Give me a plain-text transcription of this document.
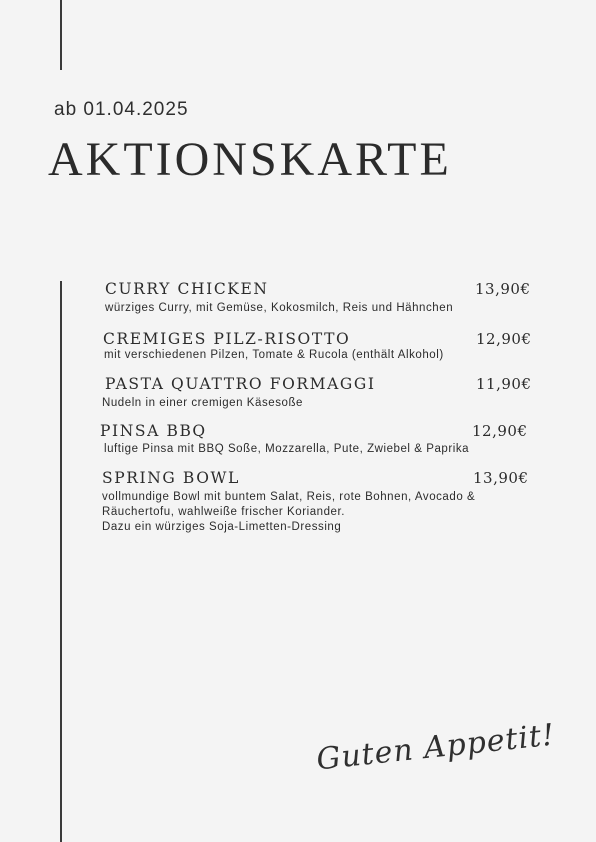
ab 01.04.2025
AKTIONSKARTE
CURRY CHICKEN	13,90€
würziges Curry, mit Gemüse, Kokosmilch, Reis und Hähnchen
CREMIGES PILZ-RISOTTO	12,90€
mit verschiedenen Pilzen, Tomate & Rucola (enthält Alkohol)
PASTA QUATTRO FORMAGGI	11,90€
Nudeln in einer cremigen Käsesoße
PINSA BBQ	12,90€
luftige Pinsa mit BBQ Soße, Mozzarella, Pute, Zwiebel & Paprika
SPRING BOWL	13,90€
vollmundige Bowl mit buntem Salat, Reis, rote Bohnen, Avocado &
Räuchertofu, wahlweiße frischer Koriander.
Dazu ein würziges Soja-Limetten-Dressing
Guten Appetit!
